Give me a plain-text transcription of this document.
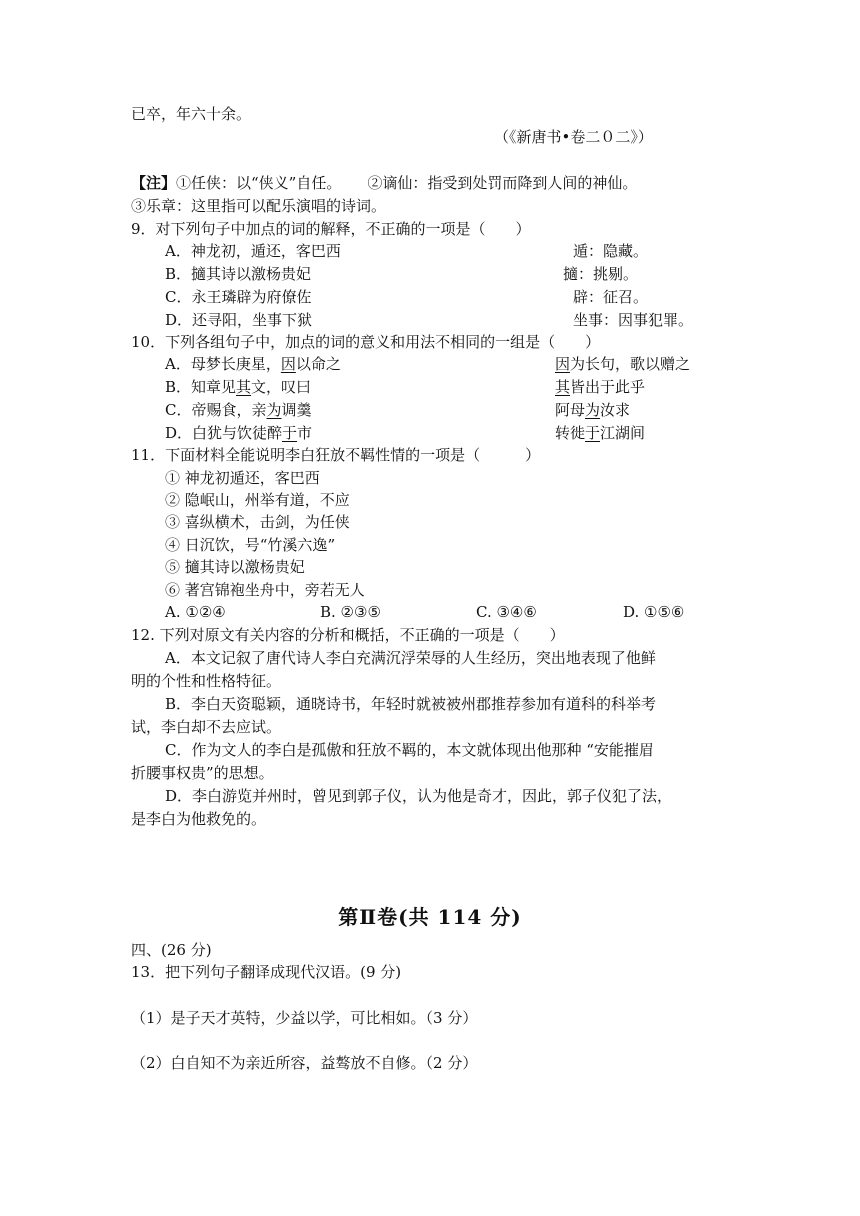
已卒，年六十余。
（《新唐书•卷二０二》）
【注】①任侠：以“侠义”自任。 ②谪仙：指受到处罚而降到人间的神仙。
③乐章：这里指可以配乐演唱的诗词。
9．对下列句子中加点的词的解释，不正确的一项是（　　）
A．神龙初，遁还，客巴西	遁：隐藏。
B．擿其诗以激杨贵妃	擿：挑剔。
C．永王璘辟为府僚佐	辟：征召。
D．还寻阳，坐事下狱	坐事：因事犯罪。
10．下列各组句子中，加点的词的意义和用法不相同的一组是（　　）
A．母梦长庚星，因以命之	因为长句，歌以赠之
B．知章见其文，叹曰	其皆出于此乎
C．帝赐食，亲为调羹	阿母为汝求
D．白犹与饮徒醉于市	转徙于江湖间
11．下面材料全能说明李白狂放不羁性情的一项是（　　　）
① 神龙初遁还，客巴西
② 隐岷山，州举有道，不应
③ 喜纵横术，击剑，为任侠
④ 日沉饮，号“竹溪六逸”
⑤ 擿其诗以激杨贵妃
⑥ 著宫锦袍坐舟中，旁若无人
A. ①②④	B. ②③⑤	C. ③④⑥	D. ①⑤⑥
12. 下列对原文有关内容的分析和概括，不正确的一项是（　　）
A．本文记叙了唐代诗人李白充满沉浮荣辱的人生经历，突出地表现了他鲜
明的个性和性格特征。
B．李白天资聪颖，通晓诗书，年轻时就被被州郡推荐参加有道科的科举考
试，李白却不去应试。
C．作为文人的李白是孤傲和狂放不羁的，本文就体现出他那种 “安能摧眉
折腰事权贵”的思想。
D．李白游览并州时，曾见到郭子仪，认为他是奇才，因此，郭子仪犯了法，
是李白为他救免的。
第Ⅱ卷(共 114 分)
四、(26 分)
13．把下列句子翻译成现代汉语。(9 分)
（1）是子天才英特，少益以学，可比相如。（3 分）
（2）白自知不为亲近所容，益骜放不自修。（2 分）
